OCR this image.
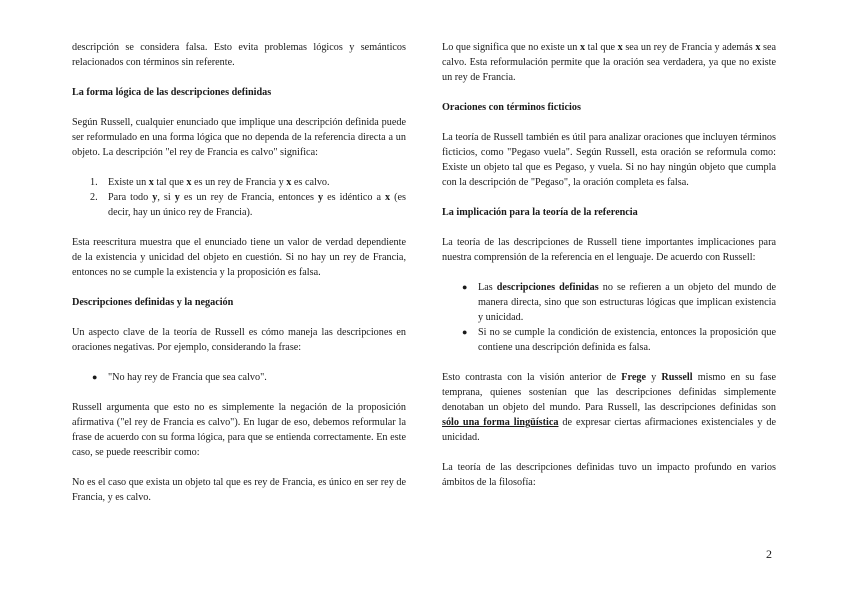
descripción se considera falsa. Esto evita problemas lógicos y semánticos relacionados con términos sin referente.

La forma lógica de las descripciones definidas

Según Russell, cualquier enunciado que implique una descripción definida puede ser reformulado en una forma lógica que no dependa de la referencia directa a un objeto. La descripción "el rey de Francia es calvo" significa:

1. Existe un x tal que x es un rey de Francia y x es calvo.
2. Para todo y, si y es un rey de Francia, entonces y es idéntico a x (es decir, hay un único rey de Francia).

Esta reescritura muestra que el enunciado tiene un valor de verdad dependiente de la existencia y unicidad del objeto en cuestión. Si no hay un rey de Francia, entonces no se cumple la existencia y la proposición es falsa.

Descripciones definidas y la negación

Un aspecto clave de la teoría de Russell es cómo maneja las descripciones en oraciones negativas. Por ejemplo, considerando la frase:

● "No hay rey de Francia que sea calvo".

Russell argumenta que esto no es simplemente la negación de la proposición afirmativa ("el rey de Francia es calvo"). En lugar de eso, debemos reformular la frase de acuerdo con su forma lógica, para que se entienda correctamente. En este caso, se puede reescribir como:

No es el caso que exista un objeto tal que es rey de Francia, es único en ser rey de Francia, y es calvo.

Lo que significa que no existe un x tal que x sea un rey de Francia y además x sea calvo. Esta reformulación permite que la oración sea verdadera, ya que no existe un rey de Francia.

Oraciones con términos ficticios

La teoría de Russell también es útil para analizar oraciones que incluyen términos ficticios, como "Pegaso vuela". Según Russell, esta oración se reformula como: Existe un objeto tal que es Pegaso, y vuela. Si no hay ningún objeto que cumpla con la descripción de "Pegaso", la oración completa es falsa.

La implicación para la teoría de la referencia

La teoría de las descripciones de Russell tiene importantes implicaciones para nuestra comprensión de la referencia en el lenguaje. De acuerdo con Russell:

● Las descripciones definidas no se refieren a un objeto del mundo de manera directa, sino que son estructuras lógicas que implican existencia y unicidad.
● Si no se cumple la condición de existencia, entonces la proposición que contiene una descripción definida es falsa.

Esto contrasta con la visión anterior de Frege y Russell mismo en su fase temprana, quienes sostenían que las descripciones definidas simplemente denotaban un objeto del mundo. Para Russell, las descripciones definidas son sólo una forma lingüística de expresar ciertas afirmaciones existenciales y de unicidad.

La teoría de las descripciones definidas tuvo un impacto profundo en varios ámbitos de la filosofía:

2
